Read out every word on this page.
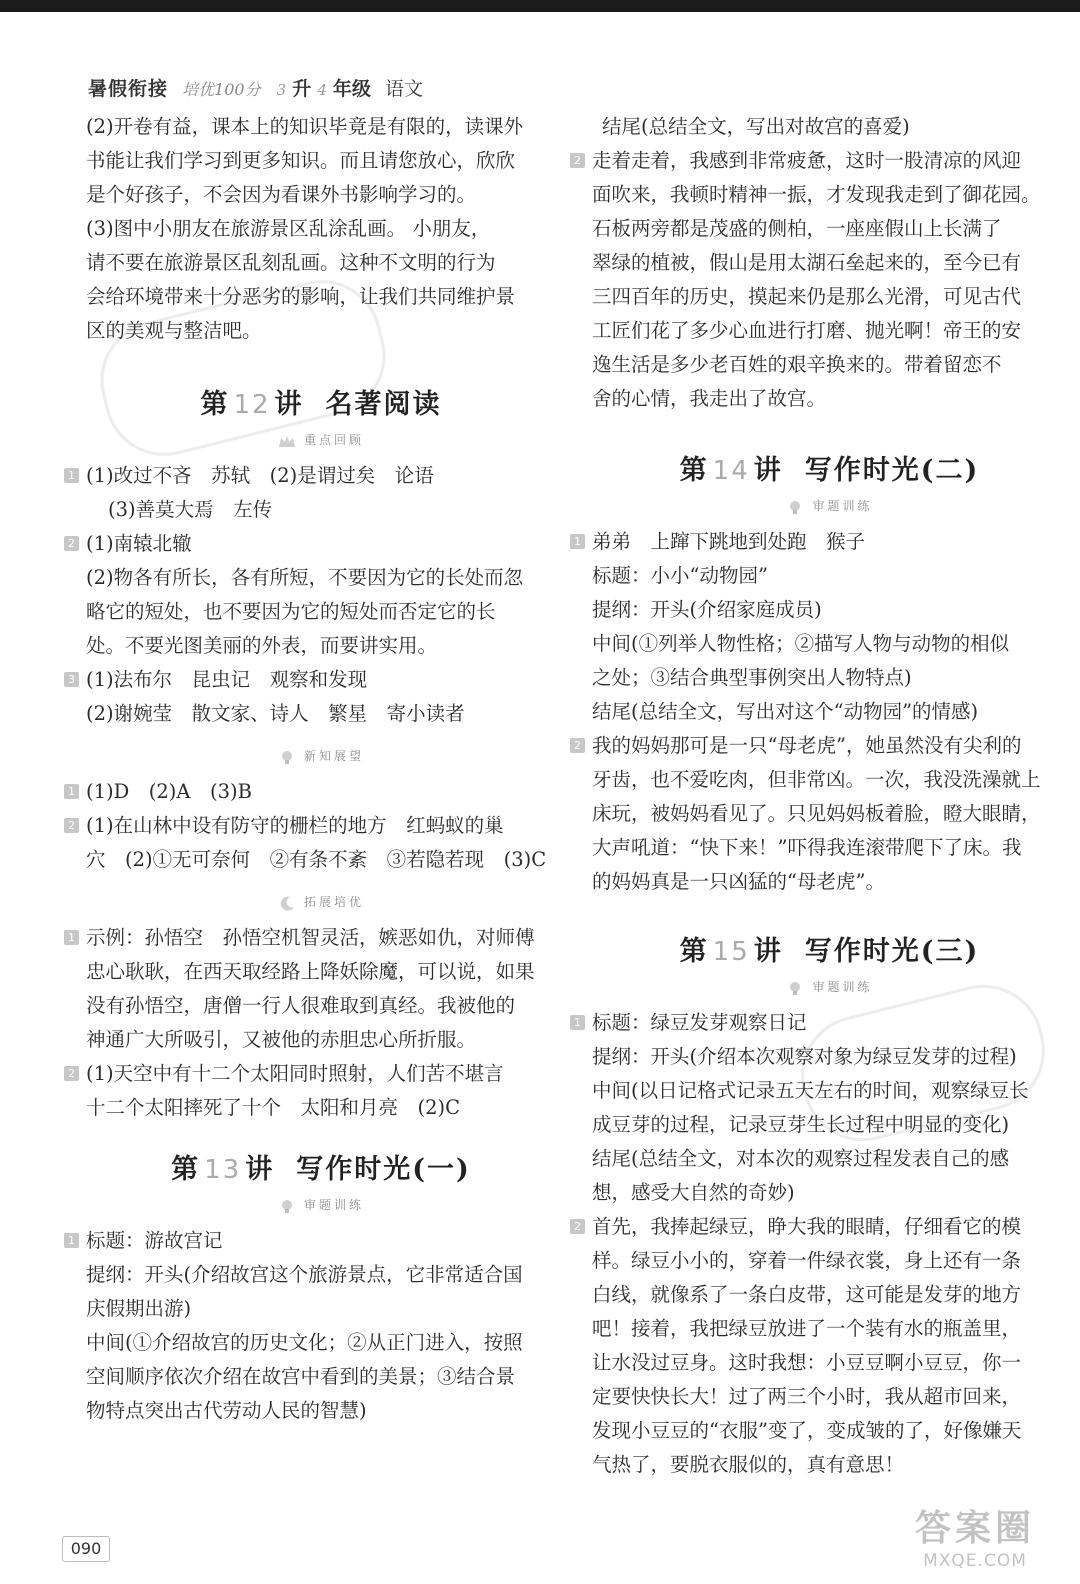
暑假衔接 培优100分 3 升 4 年级 语文

(2)开卷有益，课本上的知识毕竟是有限的，读课外

书能让我们学习到更多知识。而且请您放心，欣欣

是个好孩子，不会因为看课外书影响学习的。

(3)图中小朋友在旅游景区乱涂乱画。 小朋友，

请不要在旅游景区乱刻乱画。这种不文明的行为

会给环境带来十分恶劣的影响，让我们共同维护景

区的美观与整洁吧。

第 12 讲 名著阅读
重点回顾
1 (1)改过不吝　苏轼　(2)是谓过矣　论语

(3)善莫大焉　左传

2 (1)南辕北辙

(2)物各有所长，各有所短，不要因为它的长处而忽

略它的短处，也不要因为它的短处而否定它的长

处。不要光图美丽的外表，而要讲实用。

3 (1)法布尔　昆虫记　观察和发现

(2)谢婉莹　散文家、诗人　繁星　寄小读者

新知展望
1 (1)D　(2)A　(3)B

2 (1)在山林中设有防守的栅栏的地方　红蚂蚁的巢

穴　(2)①无可奈何　②有条不紊　③若隐若现　(3)C

拓展培优
1 示例：孙悟空　孙悟空机智灵活，嫉恶如仇，对师傅

忠心耿耿，在西天取经路上降妖除魔，可以说，如果

没有孙悟空，唐僧一行人很难取到真经。我被他的

神通广大所吸引，又被他的赤胆忠心所折服。

2 (1)天空中有十二个太阳同时照射，人们苦不堪言

十二个太阳摔死了十个　太阳和月亮　(2)C

第 13 讲 写作时光(一)
审题训练
1 标题：游故宫记

提纲：开头(介绍故宫这个旅游景点，它非常适合国

庆假期出游)

中间(①介绍故宫的历史文化；②从正门进入，按照

空间顺序依次介绍在故宫中看到的美景；③结合景

物特点突出古代劳动人民的智慧)

结尾(总结全文，写出对故宫的喜爱)

2 走着走着，我感到非常疲惫，这时一股清凉的风迎

面吹来，我顿时精神一振，才发现我走到了御花园。

石板两旁都是茂盛的侧柏，一座座假山上长满了

翠绿的植被，假山是用太湖石垒起来的，至今已有

三四百年的历史，摸起来仍是那么光滑，可见古代

工匠们花了多少心血进行打磨、抛光啊！帝王的安

逸生活是多少老百姓的艰辛换来的。带着留恋不

舍的心情，我走出了故宫。

第 14 讲 写作时光(二)
审题训练
1 弟弟　上蹿下跳地到处跑　猴子

标题：小小“动物园”

提纲：开头(介绍家庭成员)

中间(①列举人物性格；②描写人物与动物的相似

之处；③结合典型事例突出人物特点)

结尾(总结全文，写出对这个“动物园”的情感)

2 我的妈妈那可是一只“母老虎”，她虽然没有尖利的

牙齿，也不爱吃肉，但非常凶。一次，我没洗澡就上

床玩，被妈妈看见了。只见妈妈板着脸，瞪大眼睛，

大声吼道：“快下来！”吓得我连滚带爬下了床。我

的妈妈真是一只凶猛的“母老虎”。

第 15 讲 写作时光(三)
审题训练
1 标题：绿豆发芽观察日记

提纲：开头(介绍本次观察对象为绿豆发芽的过程)

中间(以日记格式记录五天左右的时间，观察绿豆长

成豆芽的过程，记录豆芽生长过程中明显的变化)

结尾(总结全文，对本次的观察过程发表自己的感

想，感受大自然的奇妙)

2 首先，我捧起绿豆，睁大我的眼睛，仔细看它的模

样。绿豆小小的，穿着一件绿衣裳，身上还有一条

白线，就像系了一条白皮带，这可能是发芽的地方

吧！接着，我把绿豆放进了一个装有水的瓶盖里，

让水没过豆身。这时我想：小豆豆啊小豆豆，你一

定要快快长大！过了两三个小时，我从超市回来，

发现小豆豆的“衣服”变了，变成皱的了，好像嫌天

气热了，要脱衣服似的，真有意思！

090	答案圈
MXQE.COM
